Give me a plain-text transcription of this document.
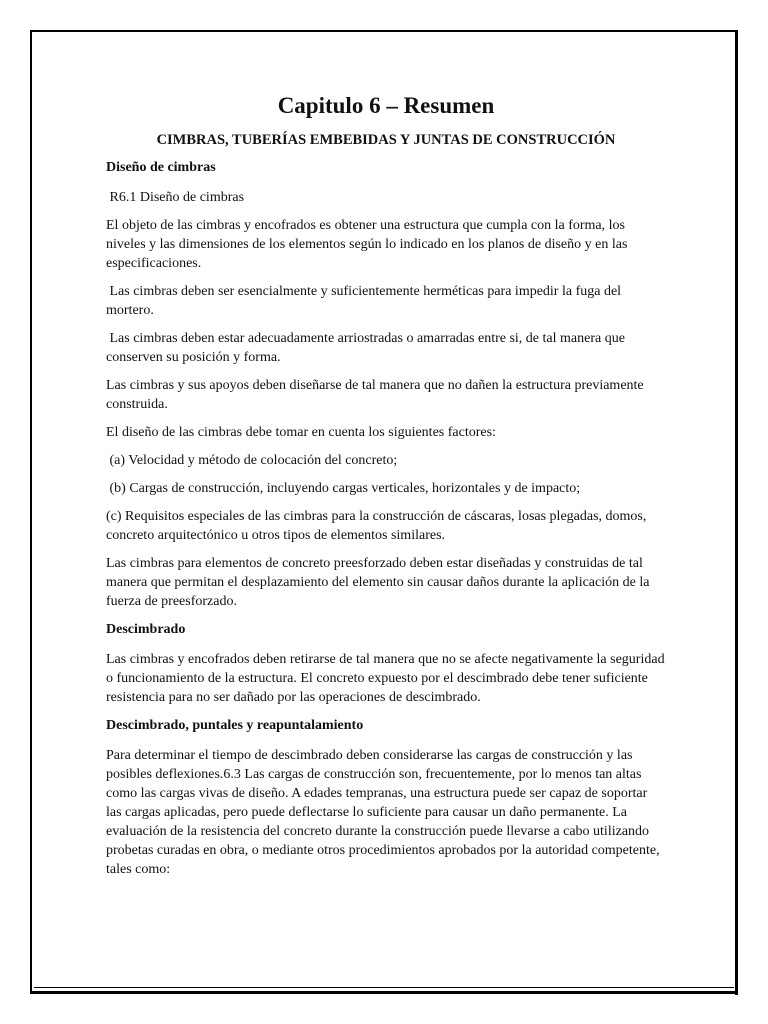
Capitulo 6 – Resumen
CIMBRAS, TUBERÍAS EMBEBIDAS Y JUNTAS DE CONSTRUCCIÓN
Diseño de cimbras
R6.1 Diseño de cimbras
El objeto de las cimbras y encofrados es obtener una estructura que cumpla con la forma, los niveles y las dimensiones de los elementos según lo indicado en los planos de diseño y en las especificaciones.
Las cimbras deben ser esencialmente y suficientemente herméticas para impedir la fuga del mortero.
Las cimbras deben estar adecuadamente arriostradas o amarradas entre si, de tal manera que conserven su posición y forma.
Las cimbras y sus apoyos deben diseñarse de tal manera que no dañen la estructura previamente construida.
El diseño de las cimbras debe tomar en cuenta los siguientes factores:
(a) Velocidad y método de colocación del concreto;
(b) Cargas de construcción, incluyendo cargas verticales, horizontales y de impacto;
(c) Requisitos especiales de las cimbras para la construcción de cáscaras, losas plegadas, domos, concreto arquitectónico u otros tipos de elementos similares.
Las cimbras para elementos de concreto preesforzado deben estar diseñadas y construidas de tal manera que permitan el desplazamiento del elemento sin causar daños durante la aplicación de la fuerza de preesforzado.
Descimbrado
Las cimbras y encofrados deben retirarse de tal manera que no se afecte negativamente la seguridad o funcionamiento de la estructura. El concreto expuesto por el descimbrado debe tener suficiente resistencia para no ser dañado por las operaciones de descimbrado.
Descimbrado, puntales y reapuntalamiento
Para determinar el tiempo de descimbrado deben considerarse las cargas de construcción y las posibles deflexiones.6.3 Las cargas de construcción son, frecuentemente, por lo menos tan altas como las cargas vivas de diseño. A edades tempranas, una estructura puede ser capaz de soportar las cargas aplicadas, pero puede deflectarse lo suficiente para causar un daño permanente. La evaluación de la resistencia del concreto durante la construcción puede llevarse a cabo utilizando probetas curadas en obra, o mediante otros procedimientos aprobados por la autoridad competente, tales como:
